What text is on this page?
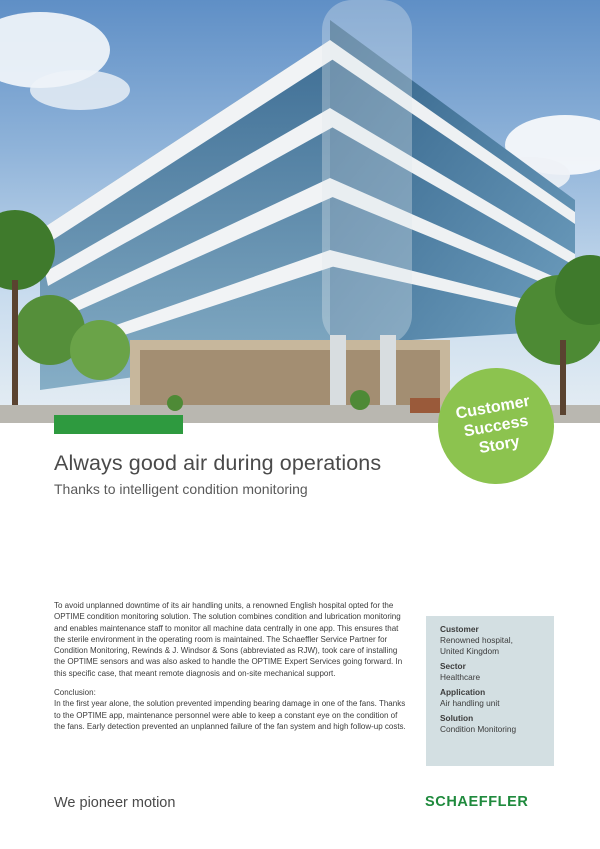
Customer
Success
Story
Always good air during operations
Thanks to intelligent condition monitoring

To avoid unplanned downtime of its air handling units, a renowned English hospital opted for the OPTIME condition monitoring solution. The solution combines condition and lubrication monitoring and enables maintenance staff to monitor all machine data centrally in one app. This ensures that the sterile environment in the operating room is maintained. The Schaeffler Service Partner for Condition Monitoring, Rewinds & J. Windsor & Sons (abbreviated as RJW), took care of installing the OPTIME sensors and was also asked to handle the OPTIME Expert Services going forward. In this specific case, that meant remote diagnosis and on-site mechanical support.

Conclusion:

In the first year alone, the solution prevented impending bearing damage in one of the fans. Thanks to the OPTIME app, maintenance personnel were able to keep a constant eye on the condition of the fans. Early detection prevented an unplanned failure of the fan system and high follow-up costs.

Customer
Renowned hospital,
United Kingdom
Sector
Healthcare
Application
Air handling unit
Solution
Condition Monitoring
We pioneer motion	SCHAEFFLER
